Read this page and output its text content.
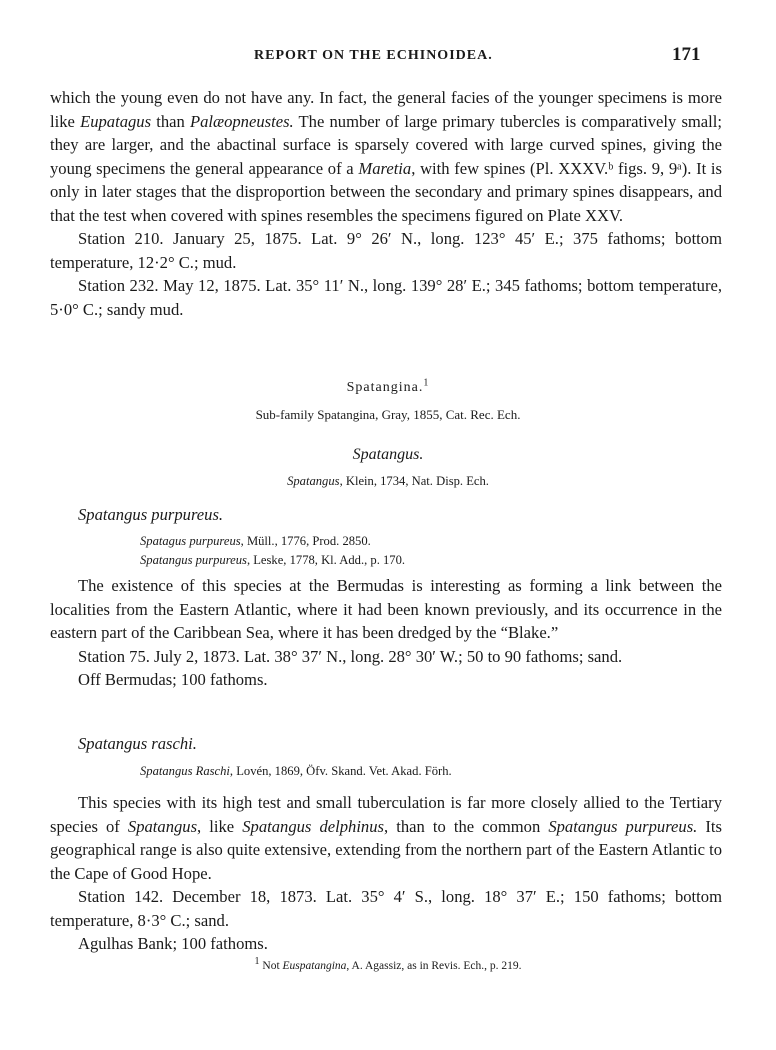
REPORT ON THE ECHINOIDEA.	171

which the young even do not have any. In fact, the general facies of the younger specimens is more like Eupatagus than Palæopneustes. The number of large primary tubercles is comparatively small; they are larger, and the abactinal surface is sparsely covered with large curved spines, giving the young specimens the general appearance of a Maretia, with few spines (Pl. XXXV.ᵇ figs. 9, 9ᵃ). It is only in later stages that the disproportion between the secondary and primary spines disappears, and that the test when covered with spines resembles the specimens figured on Plate XXV.

Station 210. January 25, 1875. Lat. 9° 26′ N., long. 123° 45′ E.; 375 fathoms; bottom temperature, 12·2° C.; mud.

Station 232. May 12, 1875. Lat. 35° 11′ N., long. 139° 28′ E.; 345 fathoms; bottom temperature, 5·0° C.; sandy mud.

Spatangina.$^1$
Sub-family Spatangina, Gray, 1855, Cat. Rec. Ech.
Spatangus.
Spatangus, Klein, 1734, Nat. Disp. Ech.
Spatangus purpureus.
Spatagus purpureus, Müll., 1776, Prod. 2850.
Spatangus purpureus, Leske, 1778, Kl. Add., p. 170.

The existence of this species at the Bermudas is interesting as forming a link between the localities from the Eastern Atlantic, where it had been known previously, and its occurrence in the eastern part of the Caribbean Sea, where it has been dredged by the “Blake.”

Station 75. July 2, 1873. Lat. 38° 37′ N., long. 28° 30′ W.; 50 to 90 fathoms; sand.

Off Bermudas; 100 fathoms.

Spatangus raschi.
Spatangus Raschi, Lovén, 1869, Öfv. Skand. Vet. Akad. Förh.

This species with its high test and small tuberculation is far more closely allied to the Tertiary species of Spatangus, like Spatangus delphinus, than to the common Spatangus purpureus. Its geographical range is also quite extensive, extending from the northern part of the Eastern Atlantic to the Cape of Good Hope.

Station 142. December 18, 1873. Lat. 35° 4′ S., long. 18° 37′ E.; 150 fathoms; bottom temperature, 8·3° C.; sand.

Agulhas Bank; 100 fathoms.

$^1$ Not Euspatangina, A. Agassiz, as in Revis. Ech., p. 219.
